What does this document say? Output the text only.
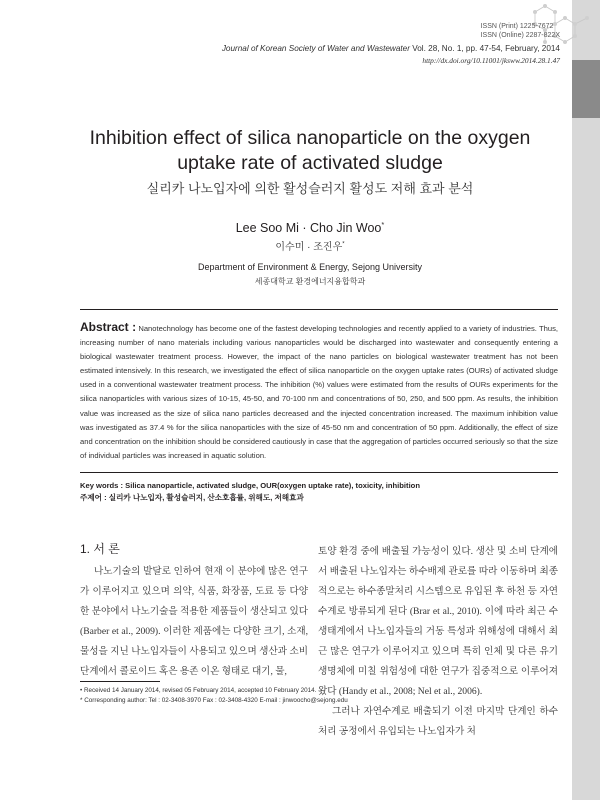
ISSN (Print) 1225-7672
ISSN (Online) 2287-822X
Journal of Korean Society of Water and Wastewater Vol. 28, No. 1, pp. 47-54, February, 2014
http://dx.doi.org/10.11001/jksww.2014.28.1.47
Inhibition effect of silica nanoparticle on the oxygen
uptake rate of activated sludge
실리카 나노입자에 의한 활성슬러지 활성도 저해 효과 분석
Lee Soo Mi · Cho Jin Woo*
이수미 · 조진우*
Department of Environment & Energy, Sejong University
세종대학교 환경에너지융합학과
Abstract : Nanotechnology has become one of the fastest developing technologies and recently applied to a variety of industries. Thus, increasing number of nano materials including various nanoparticles would be discharged into wastewater and consequently entering a biological wastewater treatment process. However, the impact of the nano particles on biological wastewater treatment has not been estimated intensively. In this research, we investigated the effect of silica nanoparticle on the oxygen uptake rates (OURs) of activated sludge used in a conventional wastewater treatment process. The inhibition (%) values were estimated from the results of OURs experiments for the silica nanoparticles with various sizes of 10-15, 45-50, and 70-100 nm and concentrations of 50, 250, and 500 ppm. As results, the inhibition value was increased as the size of silica nano particles decreased and the injected concentration increased. The maximum inhibition value was investigated as 37.4 % for the silica nanoparticles with the size of 45-50 nm and concentration of 50 ppm. Additionally, the effect of size and concentration on the inhibition should be considered cautiously in case that the aggregation of particles occurred seriously so that the size of individual particles was increased in aquatic solution.
Key words : Silica nanoparticle, activated sludge, OUR(oxygen uptake rate), toxicity, inhibition
주제어 : 실리카 나노입자, 활성슬러지, 산소호흡률, 위해도, 저해효과
1. 서 론
나노기술의 발달로 인하여 현재 이 분야에 많은 연구가 이루어지고 있으며 의약, 식품, 화장품, 도료 등 다양한 분야에서 나노기술을 적용한 제품들이 생산되고 있다 (Barber et al., 2009). 이러한 제품에는 다양한 크기, 소재, 물성을 지닌 나노입자들이 사용되고 있으며 생산과 소비단계에서 콜로이드 혹은 용존 이온 형태로 대기, 물,

토양 환경 중에 배출될 가능성이 있다. 생산 및 소비 단계에서 배출된 나노입자는 하수배제 관로를 따라 이동하며 최종적으로는 하수종말처리 시스템으로 유입된 후 하천 등 자연수계로 방류되게 된다 (Brar et al., 2010). 이에 따라 최근 수생태계에서 나노입자들의 거동 특성과 위해성에 대해서 최근 많은 연구가 이루어지고 있으며 특히 인체 및 다른 유기생명체에 미칠 위험성에 대한 연구가 집중적으로 이루어져 왔다 (Handy et al., 2008; Nel et al., 2006).

그러나 자연수계로 배출되기 이전 마지막 단계인 하수처리 공정에서 유입되는 나노입자가 처

• Received 14 January 2014, revised 05 February 2014, accepted 10 February 2014.
* Corresponding author: Tel : 02-3408-3970 Fax : 02-3408-4320 E-mail : jinwoocho@sejong.edu
